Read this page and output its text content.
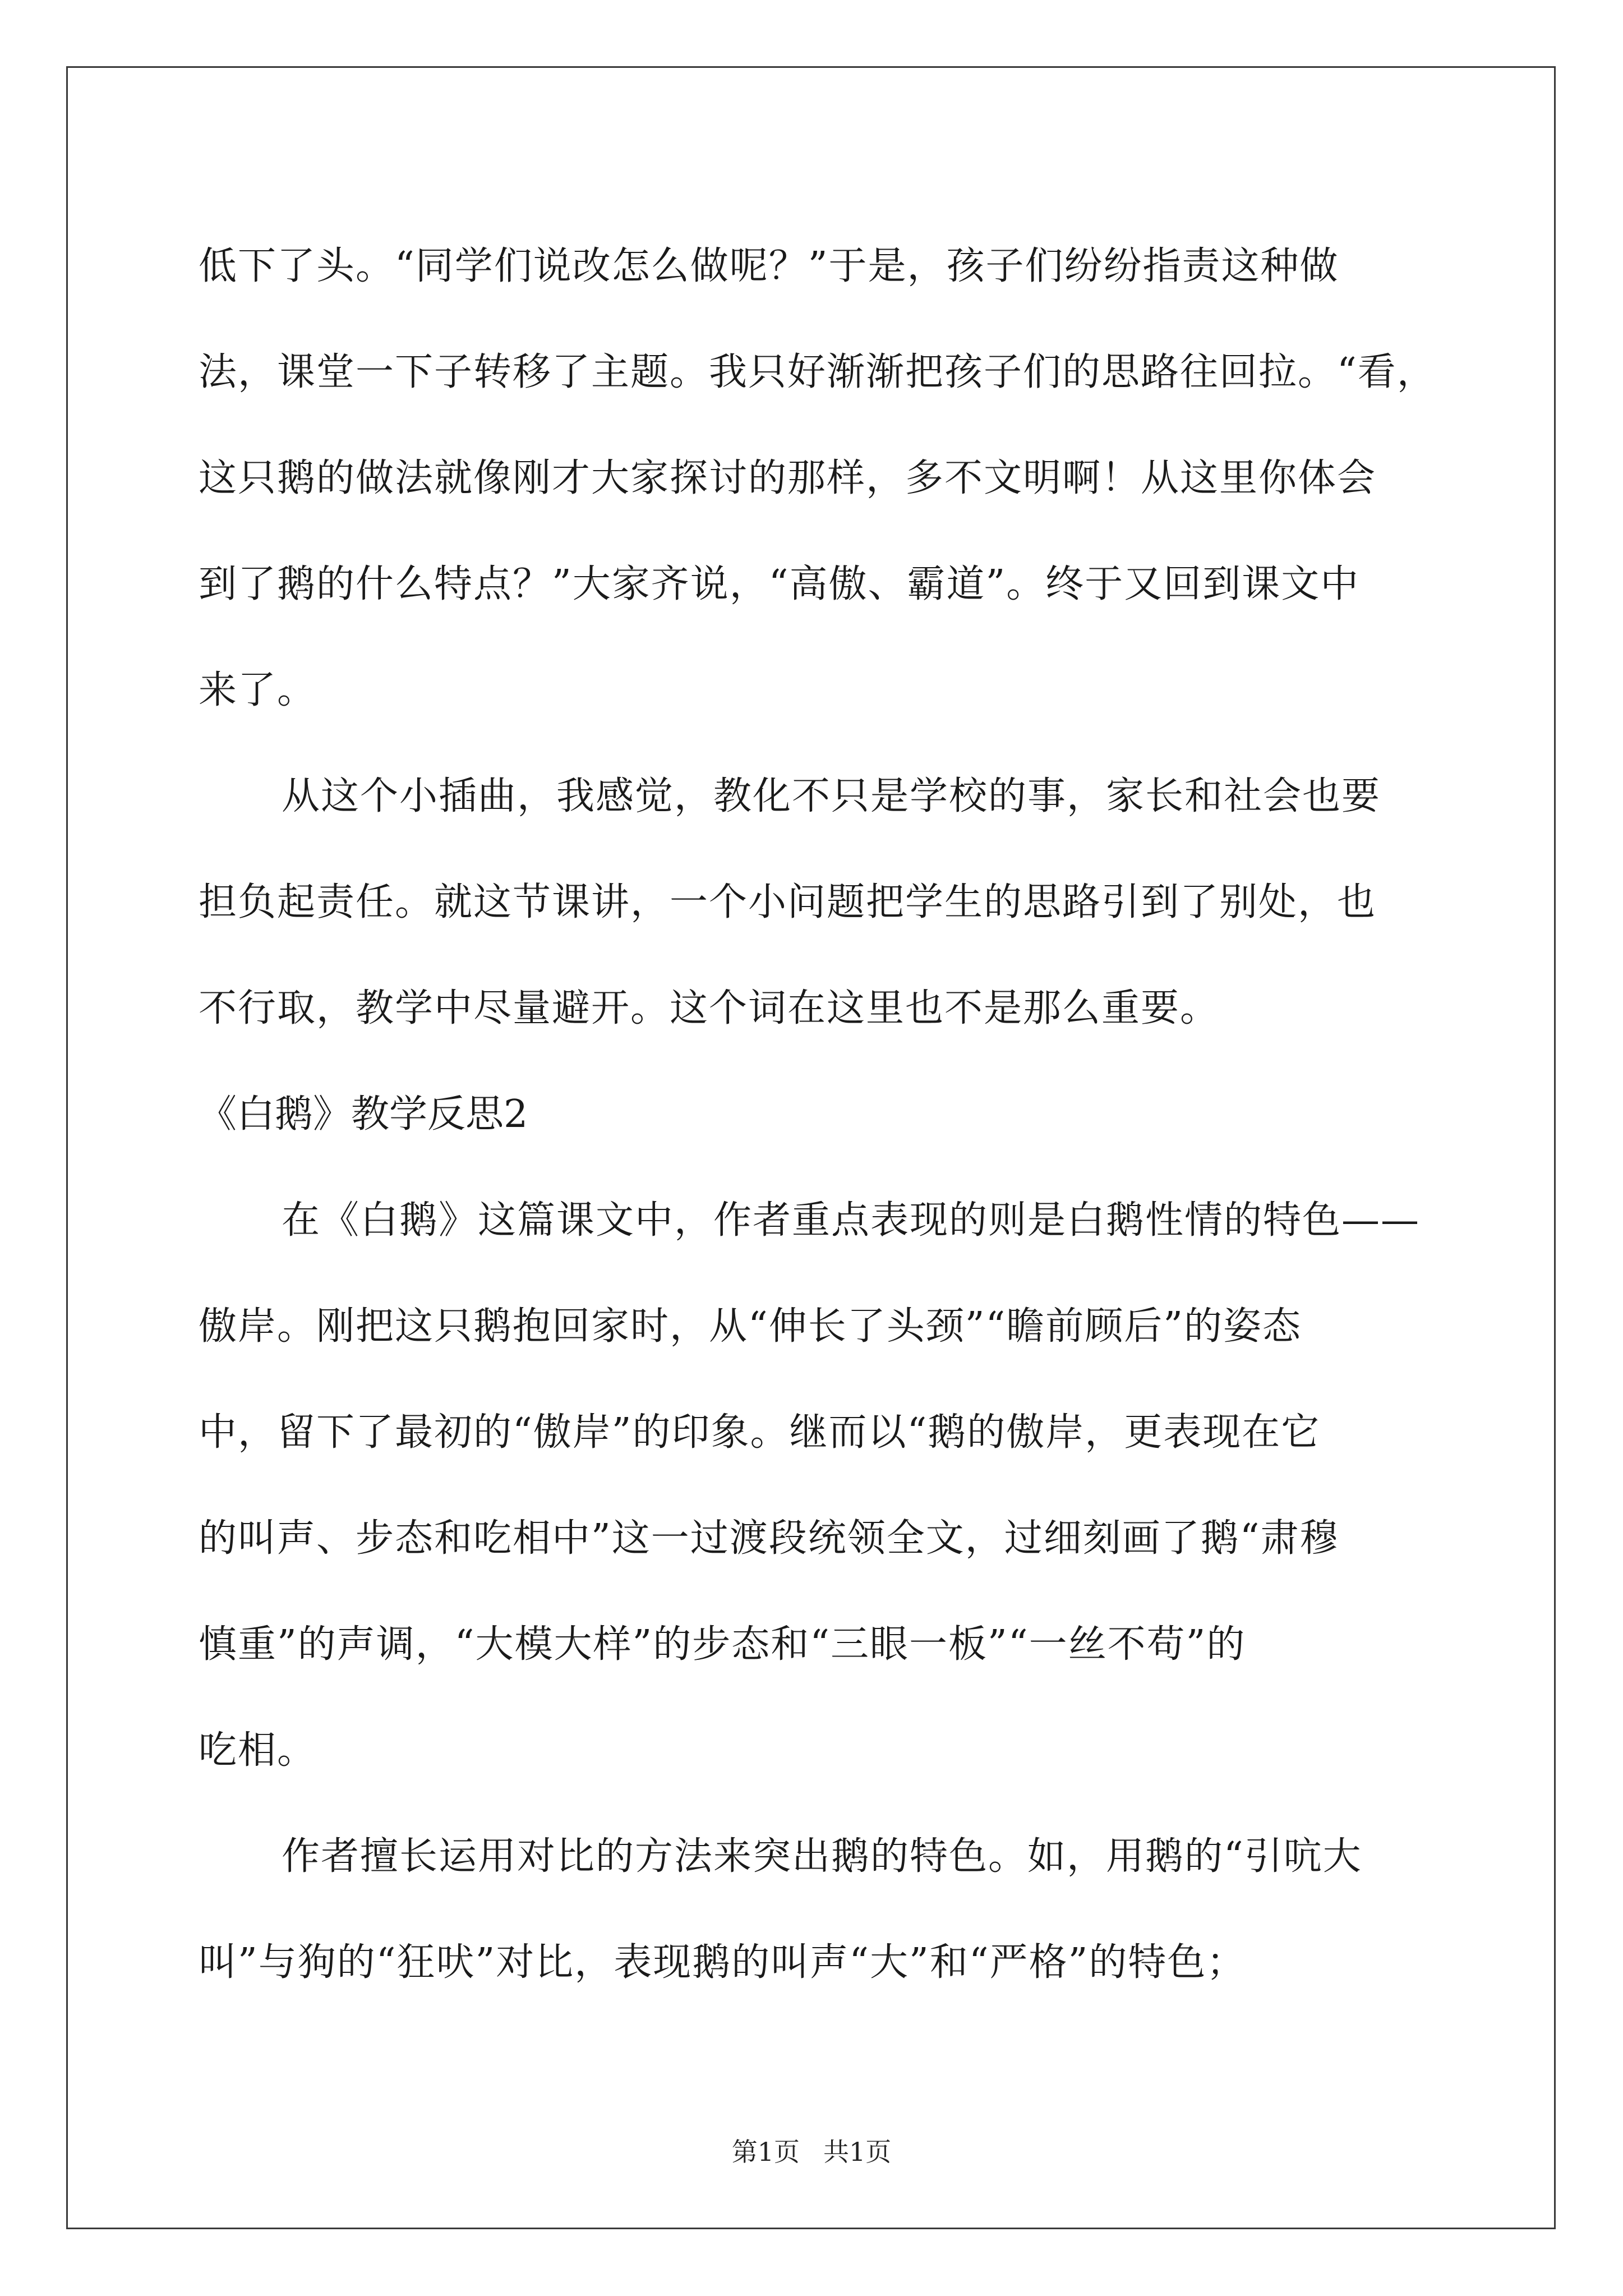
低下了头。“同学们说改怎么做呢？”于是，孩子们纷纷指责这种做
法，课堂一下子转移了主题。我只好渐渐把孩子们的思路往回拉。“看，
这只鹅的做法就像刚才大家探讨的那样，多不文明啊！从这里你体会
到了鹅的什么特点？”大家齐说，“高傲、霸道”。终于又回到课文中
来了。
从这个小插曲，我感觉，教化不只是学校的事，家长和社会也要
担负起责任。就这节课讲，一个小问题把学生的思路引到了别处，也
不行取，教学中尽量避开。这个词在这里也不是那么重要。
《白鹅》教学反思2
在《白鹅》这篇课文中，作者重点表现的则是白鹅性情的特色——
傲岸。刚把这只鹅抱回家时，从“伸长了头颈”“瞻前顾后”的姿态
中，留下了最初的“傲岸”的印象。继而以“鹅的傲岸，更表现在它
的叫声、步态和吃相中”这一过渡段统领全文，过细刻画了鹅“肃穆
慎重”的声调，“大模大样”的步态和“三眼一板”“一丝不苟”的
吃相。
作者擅长运用对比的方法来突出鹅的特色。如，用鹅的“引吭大
叫”与狗的“狂吠”对比，表现鹅的叫声“大”和“严格”的特色；
第1页 共1页
